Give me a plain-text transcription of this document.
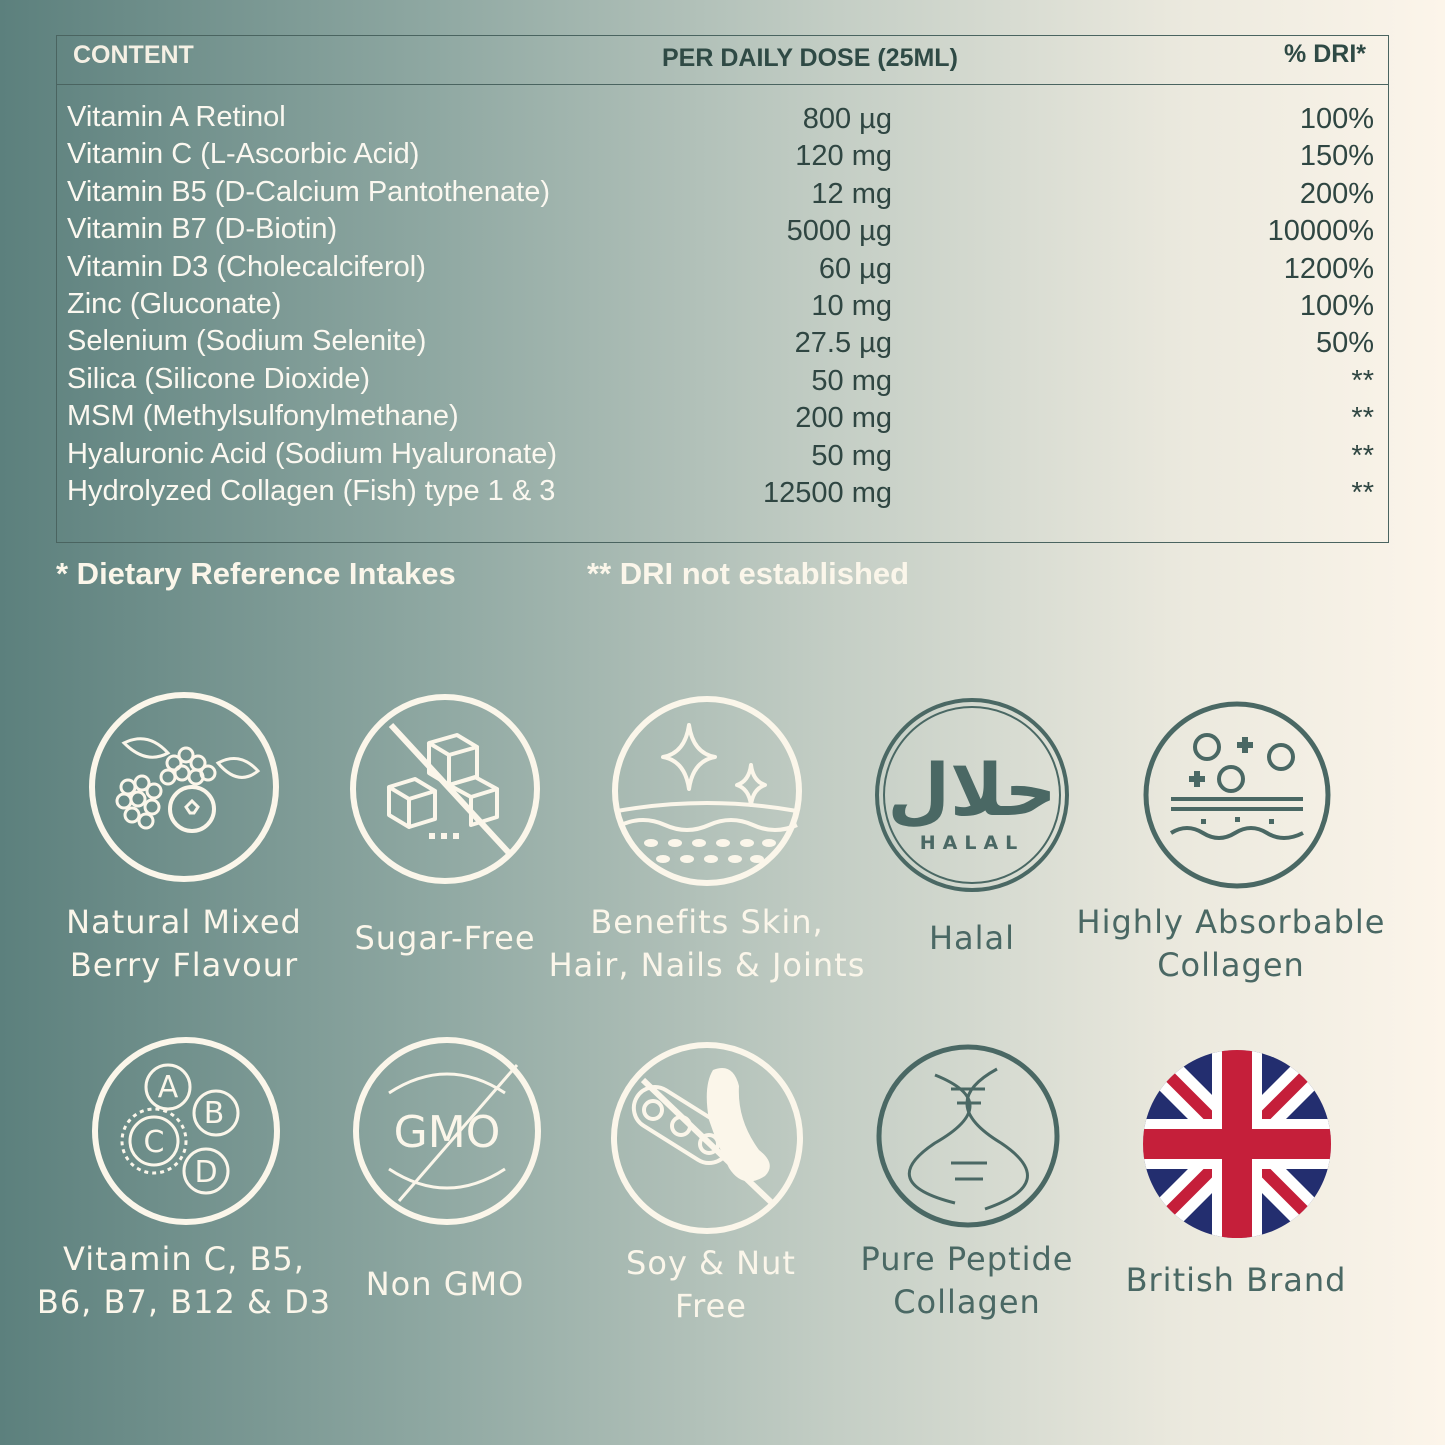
CONTENT	PER DAILY DOSE (25ML)	% DRI*
Vitamin A Retinol	800 µg	100%
Vitamin C (L-Ascorbic Acid)	120 mg	150%
Vitamin B5 (D-Calcium Pantothenate)	12 mg	200%
Vitamin B7 (D-Biotin)	5000 µg	10000%
Vitamin D3 (Cholecalciferol)	60 µg	1200%
Zinc (Gluconate)	10 mg	100%
Selenium (Sodium Selenite)	27.5 µg	50%
Silica (Silicone Dioxide)	50 mg	**
MSM (Methylsulfonylmethane)	200 mg	**
Hyaluronic Acid (Sodium Hyaluronate)	50 mg	**
Hydrolyzed Collagen (Fish) type 1 & 3	12500 mg	**
* Dietary Reference Intakes	** DRI not established
حلال
HALAL
Natural Mixed
Berry Flavour
Sugar-Free	Benefits Skin,
Hair, Nails & Joints
Halal	Highly Absorbable
Collagen
A
B
C
D
GMO
Vitamin C, B5,
B6, B7, B12 & D3	Non GMO
Soy & Nut
Free
Pure Peptide
Collagen
British Brand
